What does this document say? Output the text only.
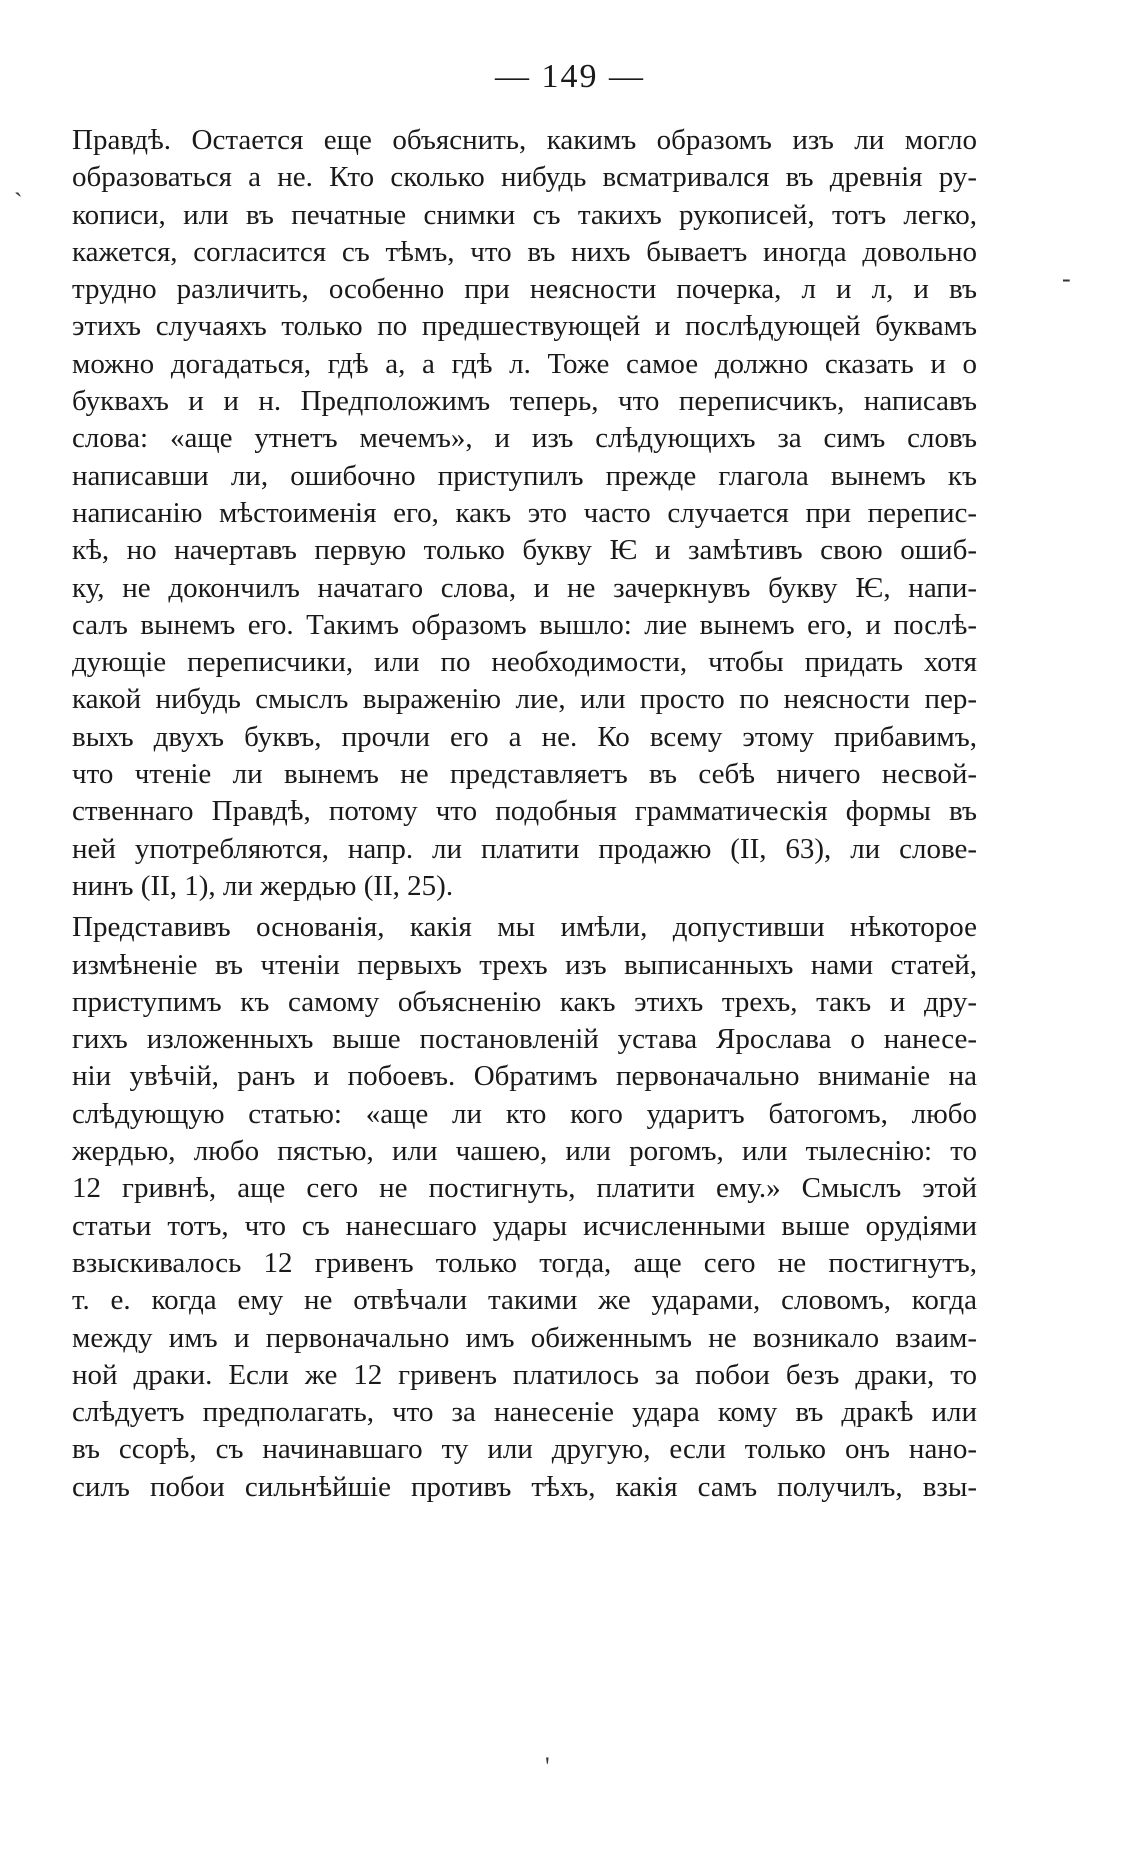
— 149 —
`
-
'
Правдѣ. Остается еще объяснить, какимъ образомъ изъ ли могло
образоваться а не. Кто сколько нибудь всматривался въ древнія ру-
кописи, или въ печатные снимки съ такихъ рукописей, тотъ легко,
кажется, согласится съ тѣмъ, что въ нихъ бываетъ иногда довольно
трудно различить, особенно при неясности почерка, л и л, и въ
этихъ случаяхъ только по предшествующей и послѣдующей буквамъ
можно догадаться, гдѣ а, а гдѣ л. Тоже самое должно сказать и о
буквахъ и и н. Предположимъ теперь, что переписчикъ, написавъ
слова: «аще утнетъ мечемъ», и изъ слѣдующихъ за симъ словъ
написавши ли, ошибочно приступилъ прежде глагола вынемъ къ
написанію мѣстоименія его, какъ это часто случается при перепис-
кѣ, но начертавъ первую только букву Ѥ и замѣтивъ свою ошиб-
ку, не докончилъ начатаго слова, и не зачеркнувъ букву Ѥ, напи-
салъ вынемъ его. Такимъ образомъ вышло: лие вынемъ его, и послѣ-
дующіе переписчики, или по необходимости, чтобы придать хотя
какой нибудь смыслъ выраженію лие, или просто по неясности пер-
выхъ двухъ буквъ, прочли его а не. Ко всему этому прибавимъ,
что чтеніе ли вынемъ не представляетъ въ себѣ ничего несвой-
ственнаго Правдѣ, потому что подобныя грамматическія формы въ
ней употребляются, напр. ли платити продажю (II, 63), ли слове-
нинъ (II, 1), ли жердью (II, 25).
Представивъ основанія, какія мы имѣли, допустивши нѣкоторое
измѣненіе въ чтеніи первыхъ трехъ изъ выписанныхъ нами статей,
приступимъ къ самому объясненію какъ этихъ трехъ, такъ и дру-
гихъ изложенныхъ выше постановленій устава Ярослава о нанесе-
ніи увѣчій, ранъ и побоевъ. Обратимъ первоначально вниманіе на
слѣдующую статью: «аще ли кто кого ударитъ батогомъ, любо
жердью, любо пястью, или чашею, или рогомъ, или тылеснію: то
12 гривнѣ, аще сего не постигнуть, платити ему.» Смыслъ этой
статьи тотъ, что съ нанесшаго удары исчисленными выше орудіями
взыскивалось 12 гривенъ только тогда, аще сего не постигнутъ,
т. е. когда ему не отвѣчали такими же ударами, словомъ, когда
между имъ и первоначально имъ обиженнымъ не возникало взаим-
ной драки. Если же 12 гривенъ платилось за побои безъ драки, то
слѣдуетъ предполагать, что за нанесеніе удара кому въ дракѣ или
въ ссорѣ, съ начинавшаго ту или другую, если только онъ нано-
силъ побои сильнѣйшіе противъ тѣхъ, какія самъ получилъ, взы-
